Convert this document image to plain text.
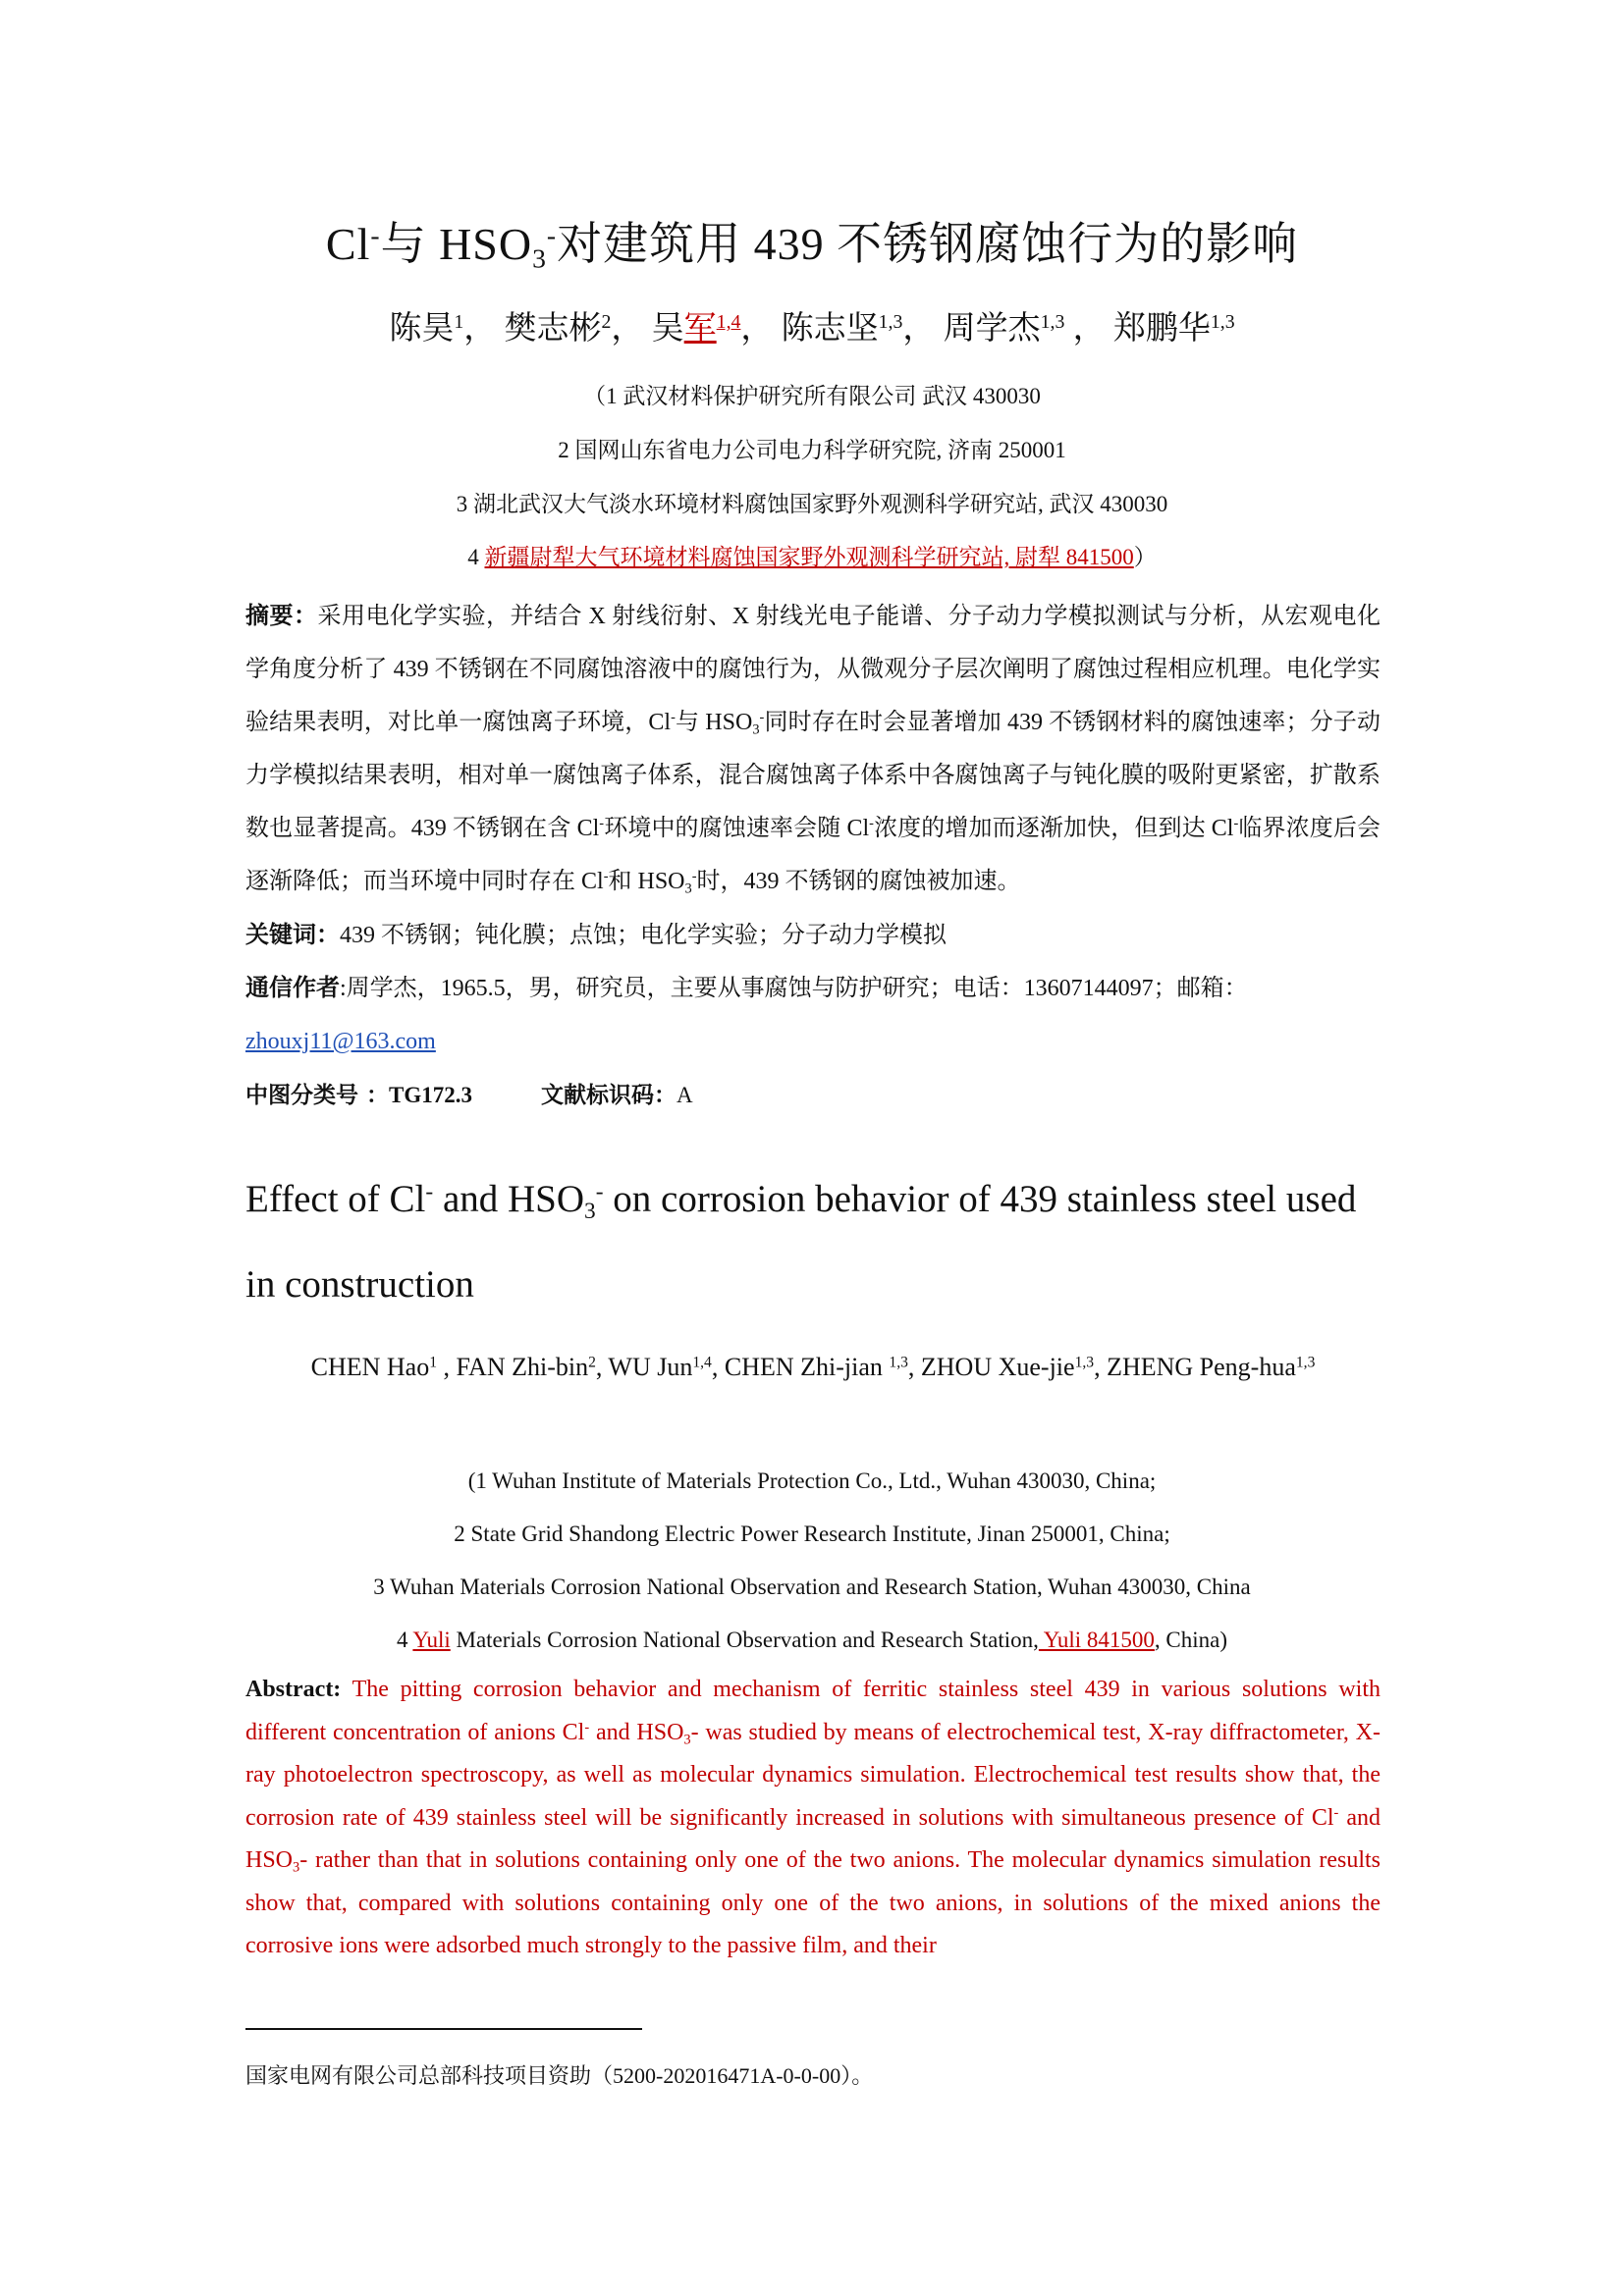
Cl-与 $HSO_3^-$对建筑用 439 不锈钢腐蚀行为的影响
陈昊$^1$， 樊志彬$^2$， 吴军$^{1,4}$， 陈志坚$^{1,3}$， 周学杰$^{1,3}$ ， 郑鹏华$^{1,3}$
（1 武汉材料保护研究所有限公司 武汉 430030
2 国网山东省电力公司电力科学研究院, 济南 250001
3 湖北武汉大气淡水环境材料腐蚀国家野外观测科学研究站, 武汉 430030
4 新疆尉犁大气环境材料腐蚀国家野外观测科学研究站, 尉犁 841500）
摘要：采用电化学实验，并结合 X 射线衍射、X 射线光电子能谱、分子动力学模拟测试与分析，从宏观电化学角度分析了 439 不锈钢在不同腐蚀溶液中的腐蚀行为，从微观分子层次阐明了腐蚀过程相应机理。电化学实验结果表明，对比单一腐蚀离子环境，Cl-与 $HSO_3^-$同时存在时会显著增加 439 不锈钢材料的腐蚀速率；分子动力学模拟结果表明，相对单一腐蚀离子体系，混合腐蚀离子体系中各腐蚀离子与钝化膜的吸附更紧密，扩散系数也显著提高。439 不锈钢在含 Cl-环境中的腐蚀速率会随 Cl-浓度的增加而逐渐加快，但到达 Cl-临界浓度后会逐渐降低；而当环境中同时存在 Cl-和 $HSO_3^-$时，439 不锈钢的腐蚀被加速。
关键词：439 不锈钢；钝化膜；点蚀；电化学实验；分子动力学模拟
通信作者:周学杰，1965.5，男，研究员，主要从事腐蚀与防护研究；电话：13607144097；邮箱：
zhouxj11@163.com
中图分类号 ：TG172.3	文献标识码：A
Effect of Cl- and $HSO_3^-$ on corrosion behavior of 439 stainless steel used in construction
CHEN Hao$^1$ , FAN Zhi-bin$^2$, WU Jun$^{1,4}$, CHEN Zhi-jian $^{1,3}$, ZHOU Xue-jie$^{1,3}$, ZHENG Peng-hua$^{1,3}$
(1 Wuhan Institute of Materials Protection Co., Ltd., Wuhan 430030, China;
2 State Grid Shandong Electric Power Research Institute, Jinan 250001, China;
3 Wuhan Materials Corrosion National Observation and Research Station, Wuhan 430030, China
4 Yuli Materials Corrosion National Observation and Research Station, Yuli 841500, China)
Abstract: The pitting corrosion behavior and mechanism of ferritic stainless steel 439 in various solutions with different concentration of anions Cl- and $HSO_3-$ was studied by means of electrochemical test, X-ray diffractometer, X-ray photoelectron spectroscopy, as well as molecular dynamics simulation. Electrochemical test results show that, the corrosion rate of 439 stainless steel will be significantly increased in solutions with simultaneous presence of Cl- and $HSO_3-$ rather than that in solutions containing only one of the two anions. The molecular dynamics simulation results show that, compared with solutions containing only one of the two anions, in solutions of the mixed anions the corrosive ions were adsorbed much strongly to the passive film, and their
国家电网有限公司总部科技项目资助（5200-202016471A-0-0-00）。
